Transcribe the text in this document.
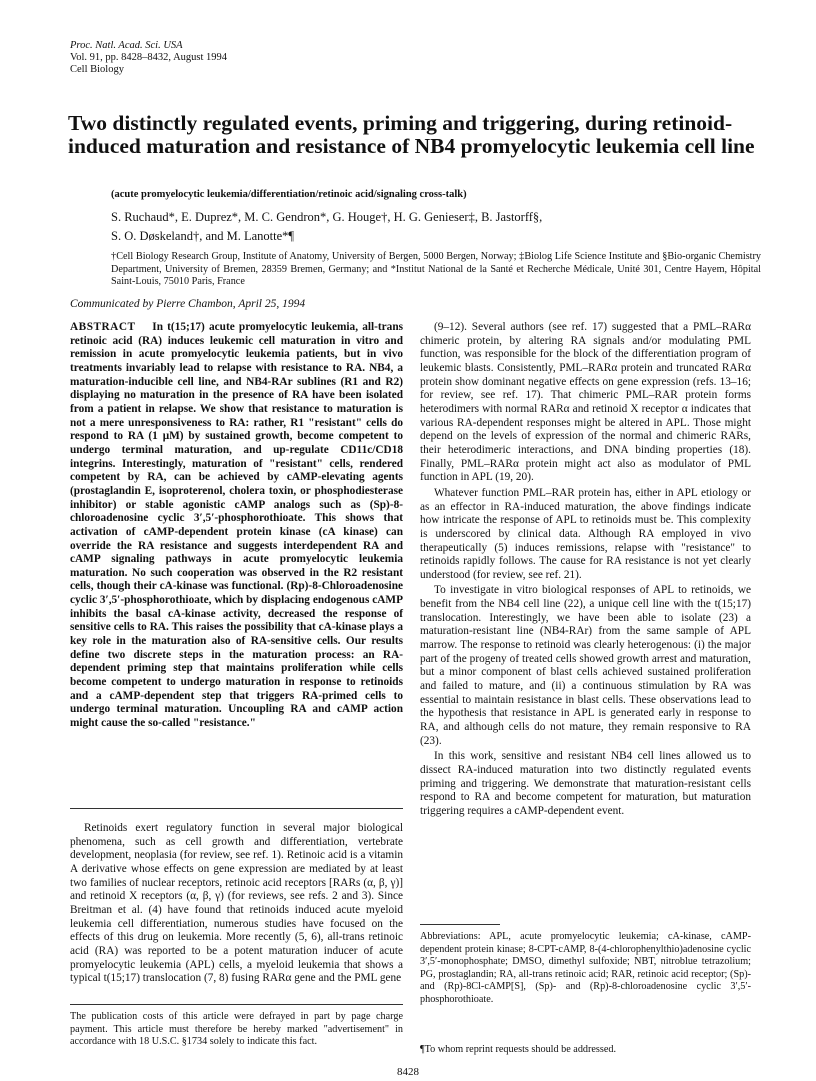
Proc. Natl. Acad. Sci. USA
Vol. 91, pp. 8428–8432, August 1994
Cell Biology
Two distinctly regulated events, priming and triggering, during retinoid-induced maturation and resistance of NB4 promyelocytic leukemia cell line
(acute promyelocytic leukemia/differentiation/retinoic acid/signaling cross-talk)
S. Ruchaud*, E. Duprez*, M. C. Gendron*, G. Houge†, H. G. Genieser‡, B. Jastorff§,
S. O. Døskeland†, and M. Lanotte*¶
†Cell Biology Research Group, Institute of Anatomy, University of Bergen, 5000 Bergen, Norway; ‡Biolog Life Science Institute and §Bio-organic Chemistry Department, University of Bremen, 28359 Bremen, Germany; and *Institut National de la Santé et Recherche Médicale, Unité 301, Centre Hayem, Hôpital Saint-Louis, 75010 Paris, France
Communicated by Pierre Chambon, April 25, 1994
ABSTRACT In t(15;17) acute promyelocytic leukemia, all-trans retinoic acid (RA) induces leukemic cell maturation in vitro and remission in acute promyelocytic leukemia patients, but in vivo treatments invariably lead to relapse with resistance to RA. NB4, a maturation-inducible cell line, and NB4-RAr sublines (R1 and R2) displaying no maturation in the presence of RA have been isolated from a patient in relapse. We show that resistance to maturation is not a mere unresponsiveness to RA: rather, R1 "resistant" cells do respond to RA (1 μM) by sustained growth, become competent to undergo terminal maturation, and up-regulate CD11c/CD18 integrins. Interestingly, maturation of "resistant" cells, rendered competent by RA, can be achieved by cAMP-elevating agents (prostaglandin E, isoproterenol, cholera toxin, or phosphodiesterase inhibitor) or stable agonistic cAMP analogs such as (Sp)-8-chloroadenosine cyclic 3′,5′-phosphorothioate. This shows that activation of cAMP-dependent protein kinase (cA kinase) can override the RA resistance and suggests interdependent RA and cAMP signaling pathways in acute promyelocytic leukemia maturation. No such cooperation was observed in the R2 resistant cells, though their cA-kinase was functional. (Rp)-8-Chloroadenosine cyclic 3′,5′-phosphorothioate, which by displacing endogenous cAMP inhibits the basal cA-kinase activity, decreased the response of sensitive cells to RA. This raises the possibility that cA-kinase plays a key role in the maturation also of RA-sensitive cells. Our results define two discrete steps in the maturation process: an RA-dependent priming step that maintains proliferation while cells become competent to undergo maturation in response to retinoids and a cAMP-dependent step that triggers RA-primed cells to undergo terminal maturation. Uncoupling RA and cAMP action might cause the so-called "resistance."

Retinoids exert regulatory function in several major biological phenomena, such as cell growth and differentiation, vertebrate development, neoplasia (for review, see ref. 1). Retinoic acid is a vitamin A derivative whose effects on gene expression are mediated by at least two families of nuclear receptors, retinoic acid receptors [RARs (α, β, γ)] and retinoid X receptors (α, β, γ) (for reviews, see refs. 2 and 3). Since Breitman et al. (4) have found that retinoids induced acute myeloid leukemia cell differentiation, numerous studies have focused on the effects of this drug on leukemia. More recently (5, 6), all-trans retinoic acid (RA) was reported to be a potent maturation inducer of acute promyelocytic leukemia (APL) cells, a myeloid leukemia that shows a typical t(15;17) translocation (7, 8) fusing RARα gene and the PML gene

The publication costs of this article were defrayed in part by page charge payment. This article must therefore be hereby marked "advertisement" in accordance with 18 U.S.C. §1734 solely to indicate this fact.

(9–12). Several authors (see ref. 17) suggested that a PML–RARα chimeric protein, by altering RA signals and/or modulating PML function, was responsible for the block of the differentiation program of leukemic blasts. Consistently, PML–RARα protein and truncated RARα protein show dominant negative effects on gene expression (refs. 13–16; for review, see ref. 17). That chimeric PML–RAR protein forms heterodimers with normal RARα and retinoid X receptor α indicates that various RA-dependent responses might be altered in APL. Those might depend on the levels of expression of the normal and chimeric RARs, their heterodimeric interactions, and DNA binding properties (18). Finally, PML–RARα protein might act also as modulator of PML function in APL (19, 20).

Whatever function PML–RAR protein has, either in APL etiology or as an effector in RA-induced maturation, the above findings indicate how intricate the response of APL to retinoids must be. This complexity is underscored by clinical data. Although RA employed in vivo therapeutically (5) induces remissions, relapse with "resistance" to retinoids rapidly follows. The cause for RA resistance is not yet clearly understood (for review, see ref. 21).

To investigate in vitro biological responses of APL to retinoids, we benefit from the NB4 cell line (22), a unique cell line with the t(15;17) translocation. Interestingly, we have been able to isolate (23) a maturation-resistant line (NB4-RAr) from the same sample of APL marrow. The response to retinoid was clearly heterogenous: (i) the major part of the progeny of treated cells showed growth arrest and maturation, but a minor component of blast cells achieved sustained proliferation and failed to mature, and (ii) a continuous stimulation by RA was essential to maintain resistance in blast cells. These observations lead to the hypothesis that resistance in APL is generated early in response to RA, and although cells do not mature, they remain responsive to RA (23).

In this work, sensitive and resistant NB4 cell lines allowed us to dissect RA-induced maturation into two distinctly regulated events priming and triggering. We demonstrate that maturation-resistant cells respond to RA and become competent for maturation, but maturation triggering requires a cAMP-dependent event.

Abbreviations: APL, acute promyelocytic leukemia; cA-kinase, cAMP-dependent protein kinase; 8-CPT-cAMP, 8-(4-chlorophenylthio)adenosine cyclic 3′,5′-monophosphate; DMSO, dimethyl sulfoxide; NBT, nitroblue tetrazolium; PG, prostaglandin; RA, all-trans retinoic acid; RAR, retinoic acid receptor; (Sp)- and (Rp)-8Cl-cAMP[S], (Sp)- and (Rp)-8-chloroadenosine cyclic 3′,5′-phosphorothioate.
¶To whom reprint requests should be addressed.
8428
